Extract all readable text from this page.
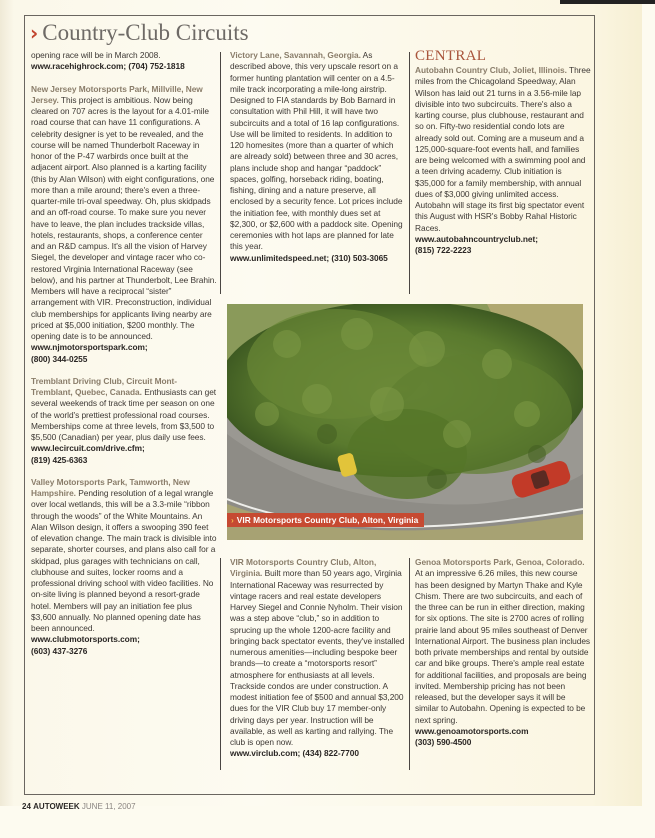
› Country-Club Circuits

opening race will be in March 2008.

www.racehighrock.com; (704) 752-1818

New Jersey Motorsports Park, Millville, New Jersey. This project is ambitious. Now being cleared on 707 acres is the layout for a 4.01-mile road course that can have 11 configurations. A celebrity designer is yet to be revealed, and the course will be named Thunderbolt Raceway in honor of the P-47 warbirds once built at the adjacent airport. Also planned is a karting facility (this by Alan Wilson) with eight configurations, one more than a mile around; there's even a three-quarter-mile tri-oval speedway. Oh, plus skidpads and an off-road course. To make sure you never have to leave, the plan includes trackside villas, hotels, restaurants, shops, a conference center and an R&D campus. It's all the vision of Harvey Siegel, the developer and vintage racer who co-restored Virginia International Raceway (see below), and his partner at Thunderbolt, Lee Brahin. Members will have a reciprocal “sister” arrangement with VIR. Preconstruction, individual club memberships for applicants living nearby are priced at $5,000 initiation, $200 monthly. The opening date is to be announced.

www.njmotorsportspark.com;

(800) 344-0255

Tremblant Driving Club, Circuit Mont-Tremblant, Quebec, Canada. Enthusiasts can get several weekends of track time per season on one of the world's prettiest professional road courses. Memberships come at three levels, from $3,500 to $5,500 (Canadian) per year, plus daily use fees.

www.lecircuit.com/drive.cfm;

(819) 425-6363

Valley Motorsports Park, Tamworth, New Hampshire. Pending resolution of a legal wrangle over local wetlands, this will be a 3.3-mile “ribbon through the woods” of the White Mountains. An Alan Wilson design, it offers a swooping 390 feet of elevation change. The main track is divisible into separate, shorter courses, and plans also call for a skidpad, plus garages with technicians on call, clubhouse and suites, locker rooms and a professional driving school with video facilities. No on-site living is planned beyond a resort-grade hotel. Members will pay an initiation fee plus $3,600 annually. No planned opening date has been announced.

www.clubmotorsports.com;

(603) 437-3276

Victory Lane, Savannah, Georgia. As described above, this very upscale resort on a former hunting plantation will center on a 4.5-mile track incorporating a mile-long airstrip. Designed to FIA standards by Bob Barnard in consultation with Phil Hill, it will have two subcircuits and a total of 16 lap configurations. Use will be limited to residents. In addition to 120 homesites (more than a quarter of which are already sold) between three and 30 acres, plans include shop and hangar “paddock” spaces, golfing, horseback riding, boating, fishing, dining and a nature preserve, all enclosed by a security fence. Lot prices include the initiation fee, with monthly dues set at $2,300, or $2,600 with a paddock site. Opening ceremonies with hot laps are planned for late this year.

www.unlimitedspeed.net; (310) 503-3065

CENTRAL

Autobahn Country Club, Joliet, Illinois. Three miles from the Chicagoland Speedway, Alan Wilson has laid out 21 turns in a 3.56-mile lap divisible into two subcircuits. There's also a karting course, plus clubhouse, restaurant and so on. Fifty-two residential condo lots are already sold out. Coming are a museum and a 125,000-square-foot events hall, and families are being welcomed with a swimming pool and a teen driving academy. Club initiation is $35,000 for a family membership, with annual dues of $3,000 giving unlimited access. Autobahn will stage its first big spectator event this August with HSR's Bobby Rahal Historic Races.

www.autobahncountryclub.net;

(815) 722-2223

› VIR Motorsports Country Club, Alton, Virginia

VIR Motorsports Country Club, Alton, Virginia. Built more than 50 years ago, Virginia International Raceway was resurrected by vintage racers and real estate developers Harvey Siegel and Connie Nyholm. Their vision was a step above “club,” so in addition to sprucing up the whole 1200-acre facility and bringing back spectator events, they've installed numerous amenities—including bespoke beer brands—to create a “motorsports resort” atmosphere for enthusiasts at all levels. Trackside condos are under construction. A modest initiation fee of $500 and annual $3,200 dues for the VIR Club buy 17 member-only driving days per year. Instruction will be available, as well as karting and rallying. The club is open now.

www.virclub.com; (434) 822-7700

Genoa Motorsports Park, Genoa, Colorado. At an impressive 6.26 miles, this new course has been designed by Martyn Thake and Kyle Chism. There are two subcircuits, and each of the three can be run in either direction, making for six options. The site is 2700 acres of rolling prairie land about 95 miles southeast of Denver International Airport. The business plan includes both private memberships and rental by outside car and bike groups. There's ample real estate for additional facilities, and proposals are being invited. Membership pricing has not been released, but the developer says it will be similar to Autobahn. Opening is expected to be next spring.

www.genoamotorsports.com

(303) 590-4500

24 AUTOWEEK JUNE 11, 2007
